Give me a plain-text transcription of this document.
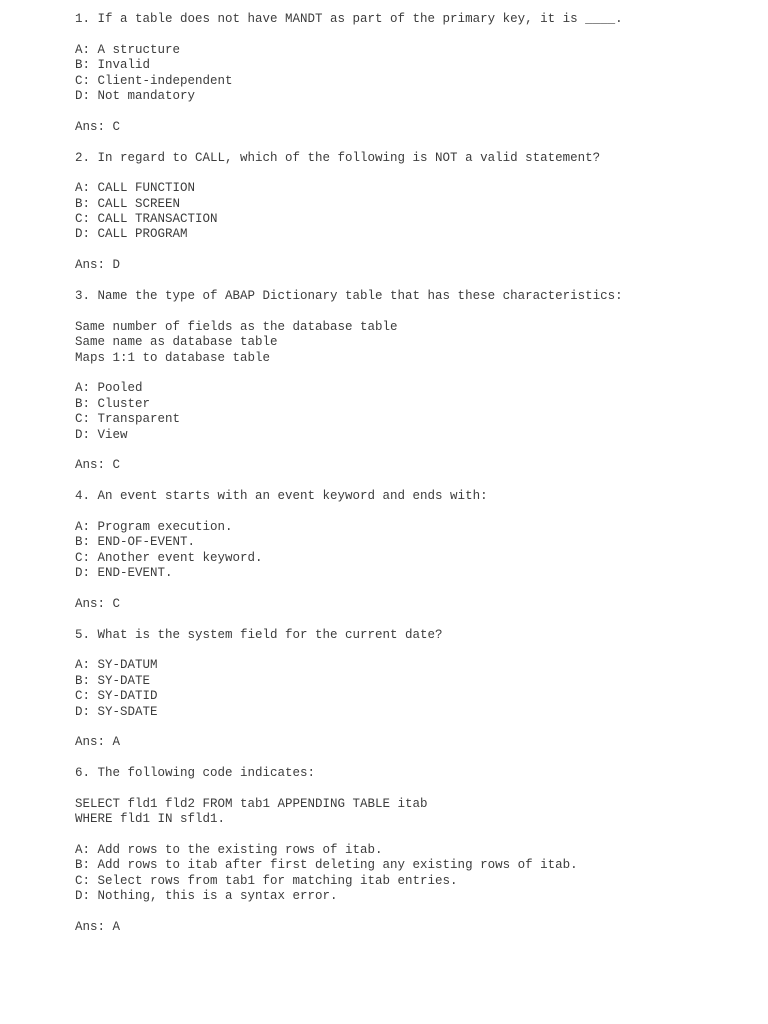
1. If a table does not have MANDT as part of the primary key, it is ____.
A: A structure
B: Invalid
C: Client-independent
D: Not mandatory
Ans: C
2. In regard to CALL, which of the following is NOT a valid statement?
A: CALL FUNCTION
B: CALL SCREEN
C: CALL TRANSACTION
D: CALL PROGRAM
Ans: D
3. Name the type of ABAP Dictionary table that has these characteristics:
Same number of fields as the database table
Same name as database table
Maps 1:1 to database table
A: Pooled
B: Cluster
C: Transparent
D: View
Ans: C
4. An event starts with an event keyword and ends with:
A: Program execution.
B: END-OF-EVENT.
C: Another event keyword.
D: END-EVENT.
Ans: C
5. What is the system field for the current date?
A: SY-DATUM
B: SY-DATE
C: SY-DATID
D: SY-SDATE
Ans: A
6. The following code indicates:
SELECT fld1 fld2 FROM tab1 APPENDING TABLE itab
WHERE fld1 IN sfld1.
A: Add rows to the existing rows of itab.
B: Add rows to itab after first deleting any existing rows of itab.
C: Select rows from tab1 for matching itab entries.
D: Nothing, this is a syntax error.
Ans: A
